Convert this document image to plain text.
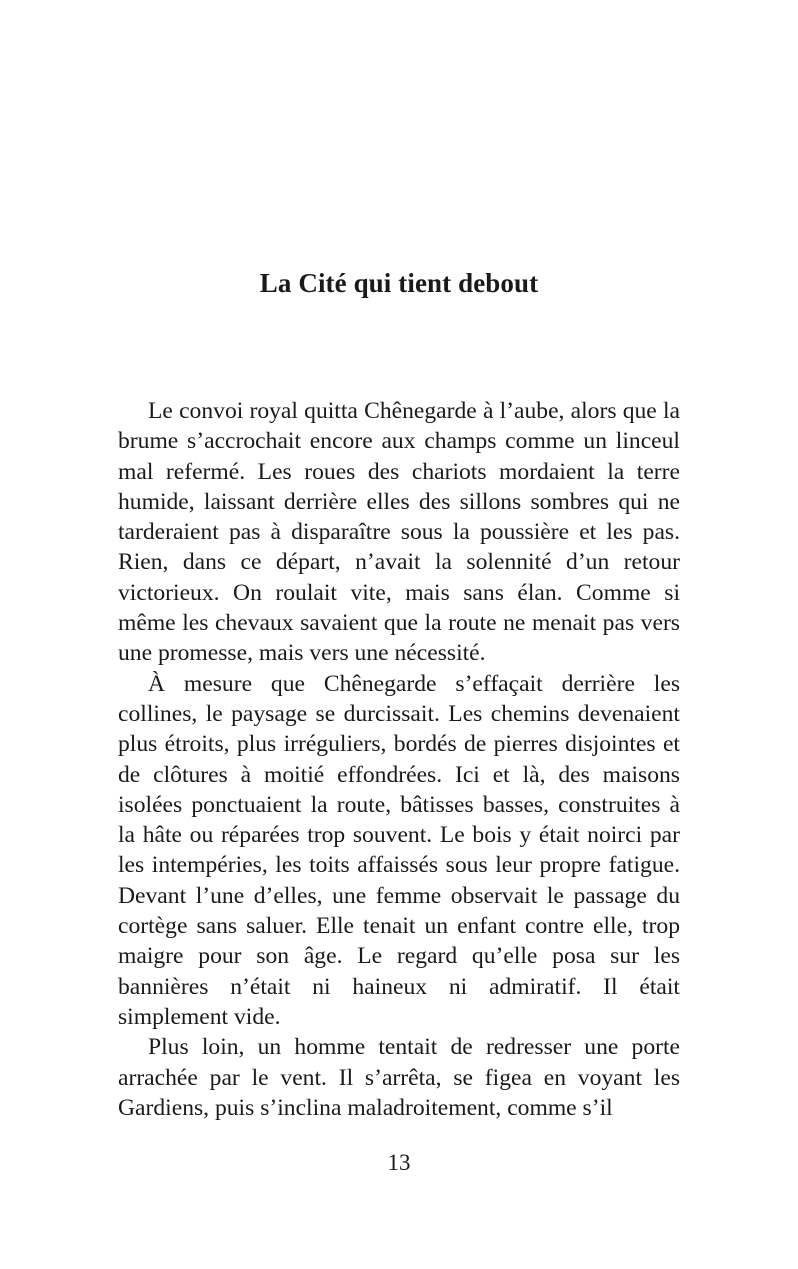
La Cité qui tient debout

Le convoi royal quitta Chênegarde à l’aube, alors que la brume s’accrochait encore aux champs comme un linceul mal refermé. Les roues des chariots mordaient la terre humide, laissant derrière elles des sillons sombres qui ne tarderaient pas à disparaître sous la poussière et les pas. Rien, dans ce départ, n’avait la solennité d’un retour victorieux. On roulait vite, mais sans élan. Comme si même les chevaux savaient que la route ne menait pas vers une promesse, mais vers une nécessité.

À mesure que Chênegarde s’effaçait derrière les collines, le paysage se durcissait. Les chemins devenaient plus étroits, plus irréguliers, bordés de pierres disjointes et de clôtures à moitié effondrées. Ici et là, des maisons isolées ponctuaient la route, bâtisses basses, construites à la hâte ou réparées trop souvent. Le bois y était noirci par les intempéries, les toits affaissés sous leur propre fatigue. Devant l’une d’elles, une femme observait le passage du cortège sans saluer. Elle tenait un enfant contre elle, trop maigre pour son âge. Le regard qu’elle posa sur les bannières n’était ni haineux ni admiratif. Il était simplement vide.

Plus loin, un homme tentait de redresser une porte arrachée par le vent. Il s’arrêta, se figea en voyant les Gardiens, puis s’inclina maladroitement, comme s’il

13
